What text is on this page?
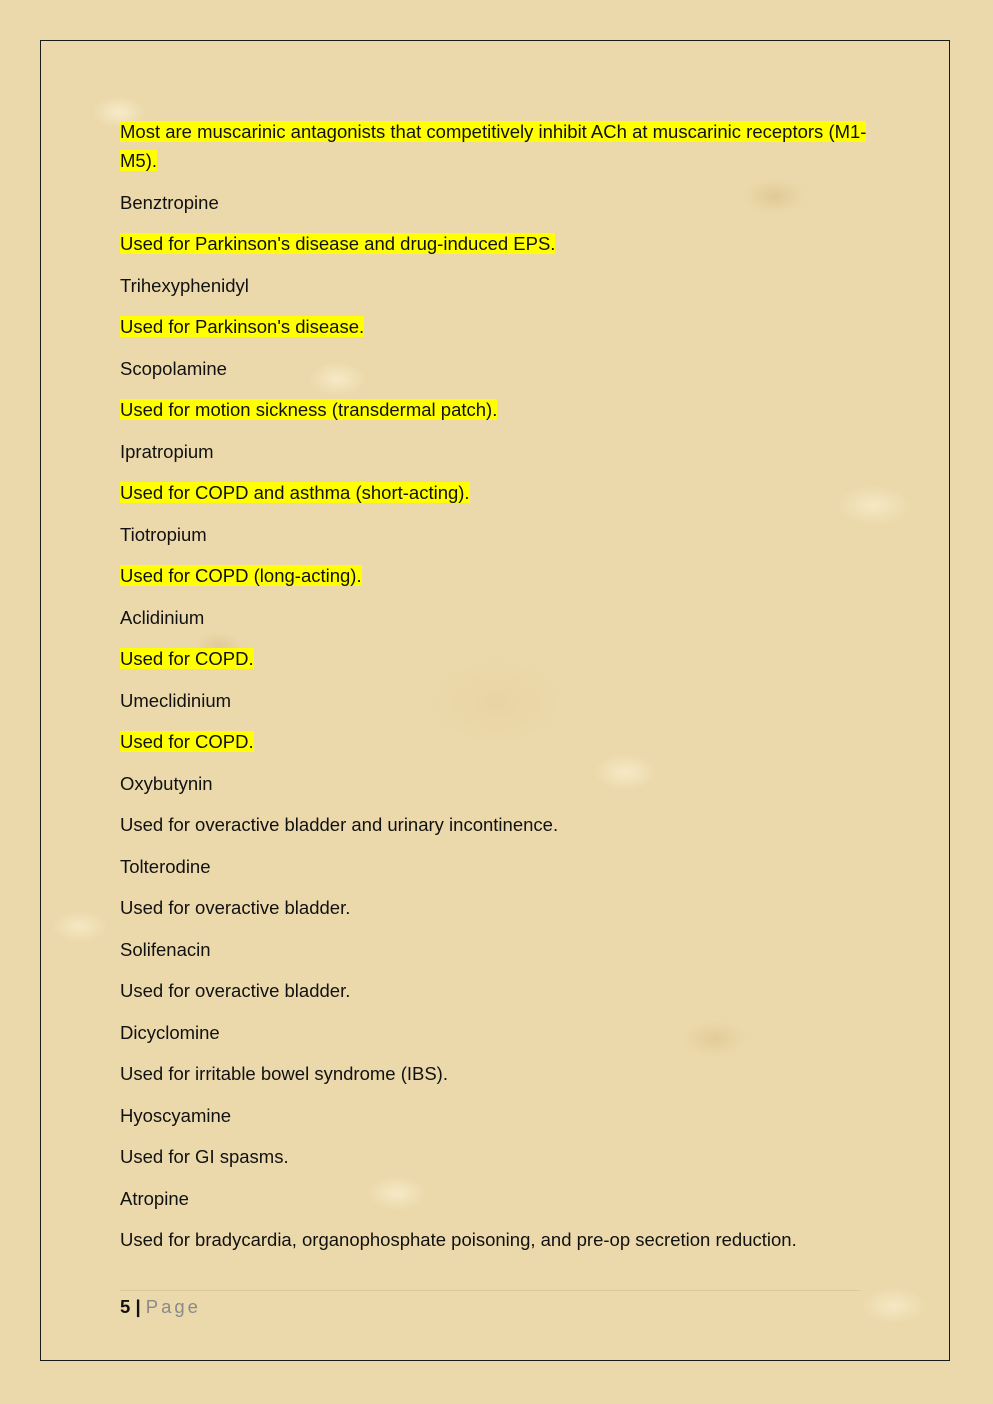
Most are muscarinic antagonists that competitively inhibit ACh at muscarinic receptors (M1-M5).

Benztropine

Used for Parkinson's disease and drug-induced EPS.

Trihexyphenidyl

Used for Parkinson's disease.

Scopolamine

Used for motion sickness (transdermal patch).

Ipratropium

Used for COPD and asthma (short-acting).

Tiotropium

Used for COPD (long-acting).

Aclidinium

Used for COPD.

Umeclidinium

Used for COPD.

Oxybutynin

Used for overactive bladder and urinary incontinence.

Tolterodine

Used for overactive bladder.

Solifenacin

Used for overactive bladder.

Dicyclomine

Used for irritable bowel syndrome (IBS).

Hyoscyamine

Used for GI spasms.

Atropine

Used for bradycardia, organophosphate poisoning, and pre-op secretion reduction.

5 | Page
